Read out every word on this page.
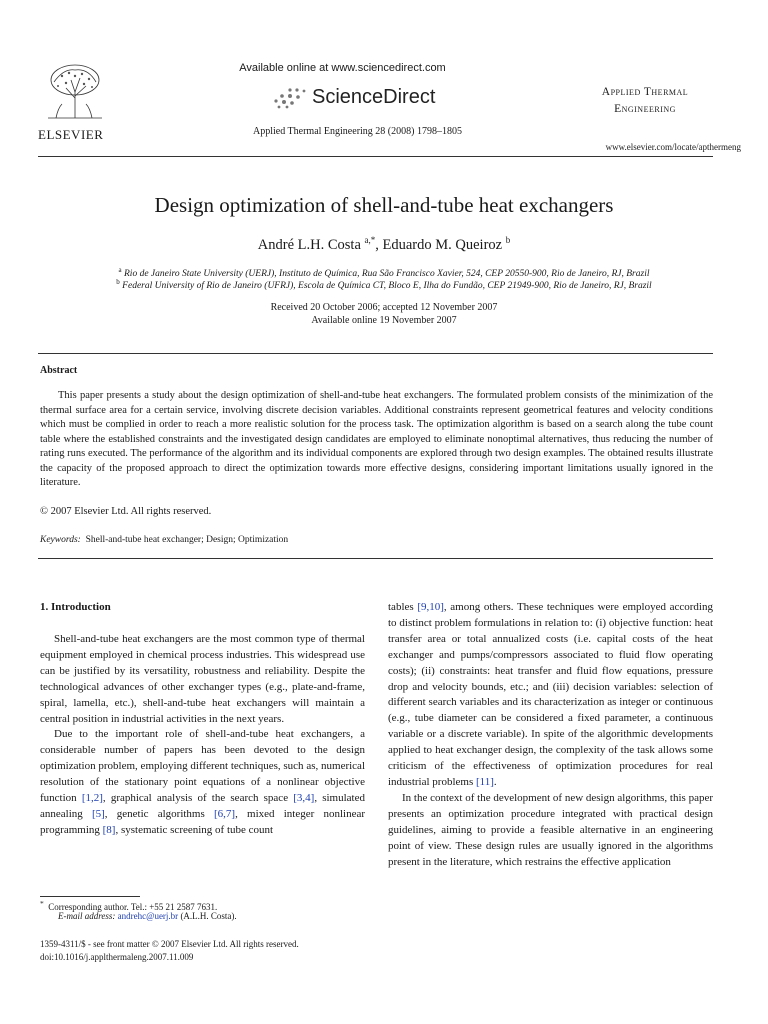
ELSEVIER
Available online at www.sciencedirect.com
ScienceDirect
Applied Thermal Engineering 28 (2008) 1798–1805
Applied Thermal
Engineering
www.elsevier.com/locate/apthermeng
Design optimization of shell-and-tube heat exchangers
André L.H. Costa $^{a,*}$, Eduardo M. Queiroz $^b$
$^a$ Rio de Janeiro State University (UERJ), Instituto de Química, Rua São Francisco Xavier, 524, CEP 20550-900, Rio de Janeiro, RJ, Brazil
$^b$ Federal University of Rio de Janeiro (UFRJ), Escola de Química CT, Bloco E, Ilha do Fundão, CEP 21949-900, Rio de Janeiro, RJ, Brazil
Received 20 October 2006; accepted 12 November 2007
Available online 19 November 2007
Abstract

This paper presents a study about the design optimization of shell-and-tube heat exchangers. The formulated problem consists of the minimization of the thermal surface area for a certain service, involving discrete decision variables. Additional constraints represent geometrical features and velocity conditions which must be complied in order to reach a more realistic solution for the process task. The optimization algorithm is based on a search along the tube count table where the established constraints and the investigated design candidates are employed to eliminate nonoptimal alternatives, thus reducing the number of rating runs executed. The performance of the algorithm and its individual components are explored through two design examples. The obtained results illustrate the capacity of the proposed approach to direct the optimization towards more effective designs, considering important limitations usually ignored in the literature.

© 2007 Elsevier Ltd. All rights reserved.
Keywords: Shell-and-tube heat exchanger; Design; Optimization
1. Introduction

Shell-and-tube heat exchangers are the most common type of thermal equipment employed in chemical process industries. This widespread use can be justified by its versatility, robustness and reliability. Despite the technological advances of other exchanger types (e.g., plate-and-frame, spiral, lamella, etc.), shell-and-tube heat exchangers will maintain a central position in industrial activities in the next years.

Due to the important role of shell-and-tube heat exchangers, a considerable number of papers has been devoted to the design optimization problem, employing different techniques, such as, numerical resolution of the stationary point equations of a nonlinear objective function [1,2], graphical analysis of the search space [3,4], simulated annealing [5], genetic algorithms [6,7], mixed integer nonlinear programming [8], systematic screening of tube count

tables [9,10], among others. These techniques were employed according to distinct problem formulations in relation to: (i) objective function: heat transfer area or total annualized costs (i.e. capital costs of the heat exchanger and pumps/compressors associated to fluid flow operating costs); (ii) constraints: heat transfer and fluid flow equations, pressure drop and velocity bounds, etc.; and (iii) decision variables: selection of different search variables and its characterization as integer or continuous (e.g., tube diameter can be considered a fixed parameter, a continuous variable or a discrete variable). In spite of the algorithmic developments applied to heat exchanger design, the complexity of the task allows some criticism of the effectiveness of optimization procedures for real industrial problems [11].

In the context of the development of new design algorithms, this paper presents an optimization procedure integrated with practical design guidelines, aiming to provide a feasible alternative in an engineering point of view. These design rules are usually ignored in the algorithms present in the literature, which restrains the effective application

* Corresponding author. Tel.: +55 21 2587 7631.
E-mail address: andrehc@uerj.br (A.L.H. Costa).
1359-4311/$ - see front matter © 2007 Elsevier Ltd. All rights reserved.
doi:10.1016/j.applthermaleng.2007.11.009
